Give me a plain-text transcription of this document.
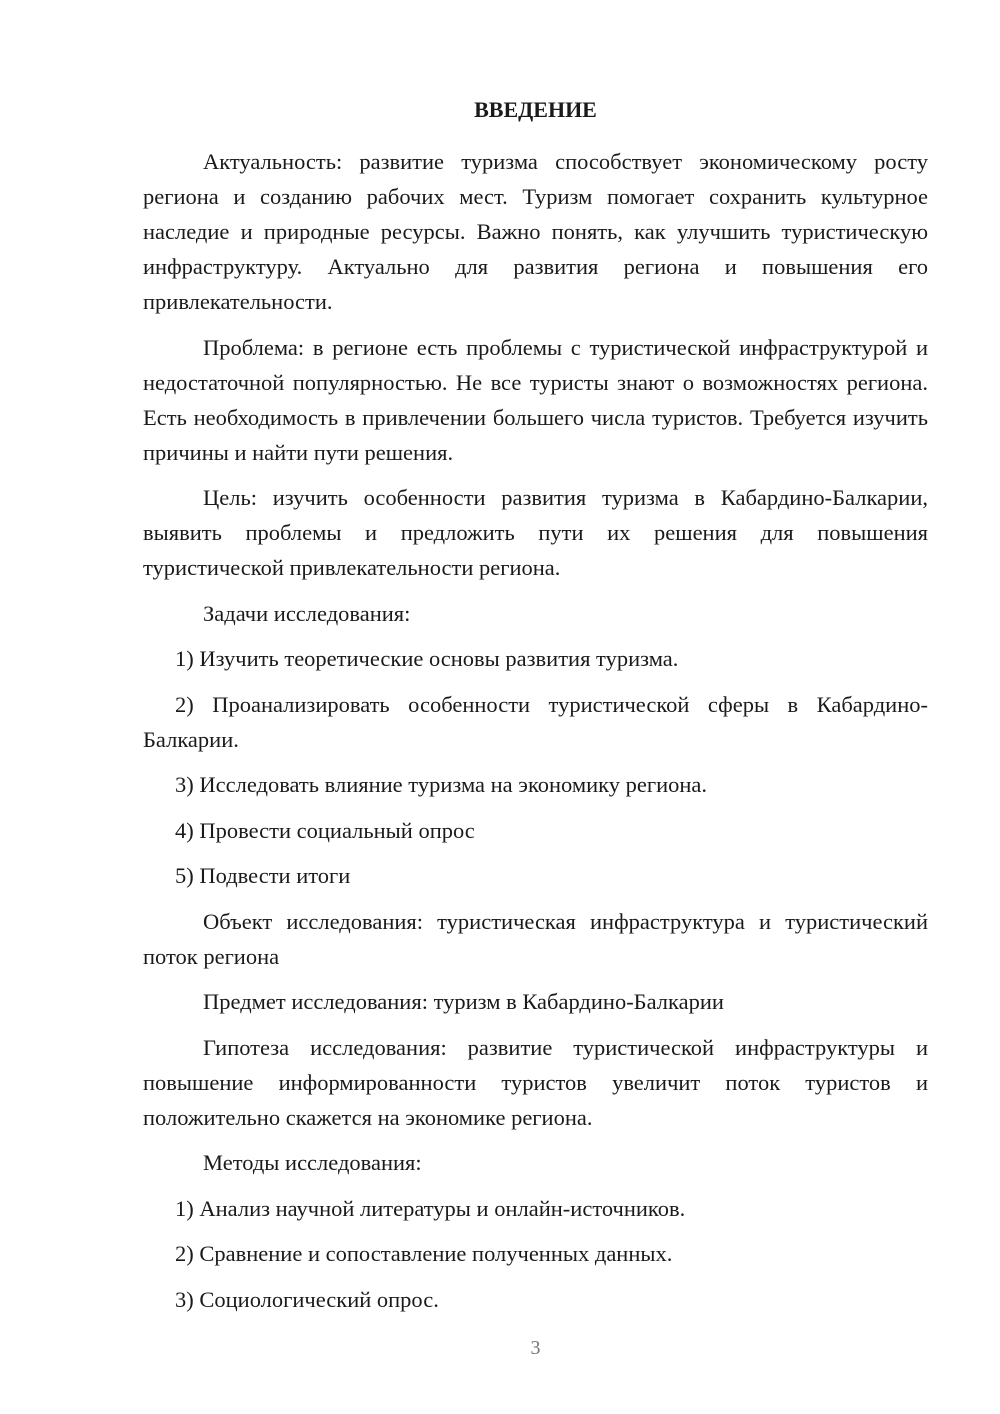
ВВЕДЕНИЕ

Актуальность: развитие туризма способствует экономическому росту региона и созданию рабочих мест. Туризм помогает сохранить культурное наследие и природные ресурсы. Важно понять, как улучшить туристическую инфраструктуру. Актуально для развития региона и повышения его привлекательности.

Проблема: в регионе есть проблемы с туристической инфраструктурой и недостаточной популярностью. Не все туристы знают о возможностях региона. Есть необходимость в привлечении большего числа туристов. Требуется изучить причины и найти пути решения.

Цель: изучить особенности развития туризма в Кабардино-Балкарии, выявить проблемы и предложить пути их решения для повышения туристической привлекательности региона.

Задачи исследования:

1) Изучить теоретические основы развития туризма.

2) Проанализировать особенности туристической сферы в Кабардино-Балкарии.

3) Исследовать влияние туризма на экономику региона.

4) Провести социальный опрос

5) Подвести итоги

Объект исследования: туристическая инфраструктура и туристический поток региона

Предмет исследования: туризм в Кабардино-Балкарии

Гипотеза исследования: развитие туристической инфраструктуры и повышение информированности туристов увеличит поток туристов и положительно скажется на экономике региона.

Методы исследования:

1) Анализ научной литературы и онлайн-источников.

2) Сравнение и сопоставление полученных данных.

3) Социологический опрос.

3
